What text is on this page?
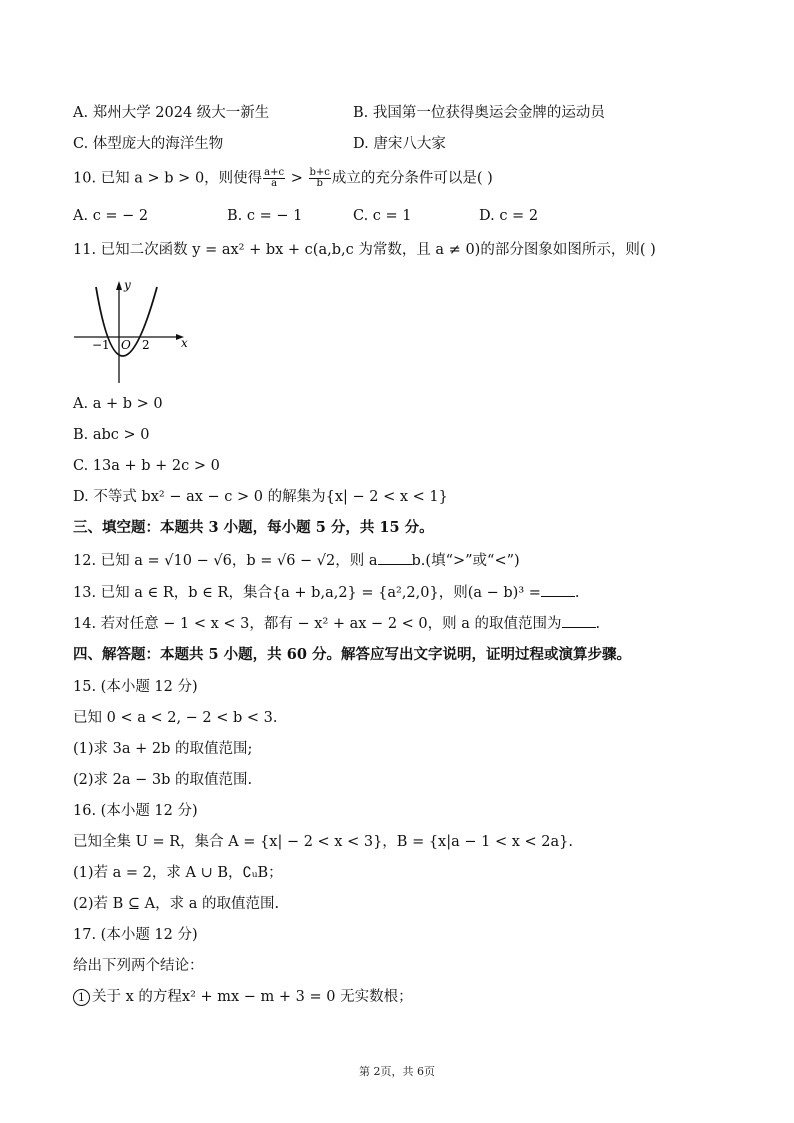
A. 郑州大学 2024 级大一新生	B. 我国第一位获得奥运会金牌的运动员
C. 体型庞大的海洋生物	D. 唐宋八大家
10. 已知 a > b > 0，则使得 $\frac{a+c}{a} > \frac{b+c}{b}$ 成立的充分条件可以是( )
A. c = − 2	B. c = − 1	C. c = 1	D. c = 2
11. 已知二次函数 y = ax² + bx + c(a,b,c 为常数，且 a ≠ 0)的部分图象如图所示，则( )
x
y
O
−1	2
A. a + b > 0
B. abc > 0
C. 13a + b + 2c > 0
D. 不等式 bx² − ax − c > 0 的解集为{x| − 2 < x < 1}
三、填空题：本题共 3 小题，每小题 5 分，共 15 分。
12. 已知 a = √10 − √6，b = √6 − √2，则 a b.(填“>”或“<”)
13. 已知 a ∈ R，b ∈ R，集合{a + b,a,2} = {a²,2,0}，则(a − b)³ = .
14. 若对任意 − 1 < x < 3，都有 − x² + ax − 2 < 0，则 a 的取值范围为 .
四、解答题：本题共 5 小题，共 60 分。解答应写出文字说明，证明过程或演算步骤。
15. (本小题 12 分)
已知 0 < a < 2, − 2 < b < 3.
(1)求 3a + 2b 的取值范围;
(2)求 2a − 3b 的取值范围.
16. (本小题 12 分)
已知全集 U = R，集合 A = {x| − 2 < x < 3}，B = {x|a − 1 < x < 2a}.
(1)若 a = 2，求 A ∪ B，∁ᵤB；
(2)若 B ⊆ A，求 a 的取值范围.
17. (本小题 12 分)
给出下列两个结论：
1 关于 x 的方程x² + mx − m + 3 = 0 无实数根；
第 2页，共 6页
